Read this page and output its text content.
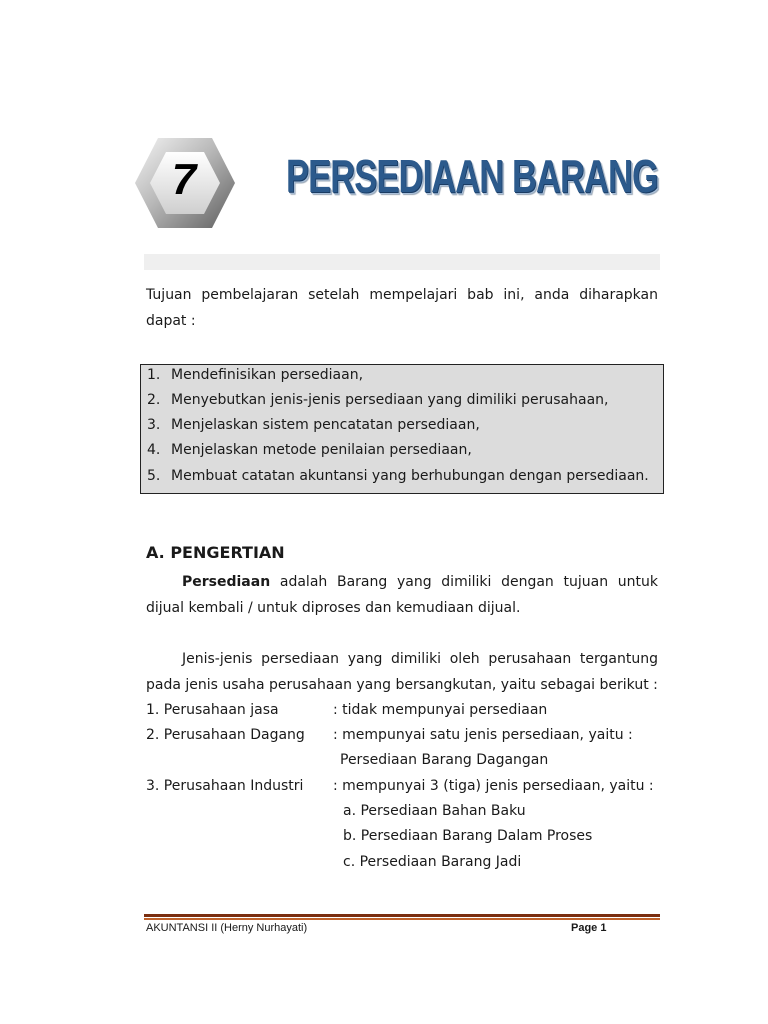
7	PERSEDIAAN BARANG
Tujuan pembelajaran setelah mempelajari bab ini, anda diharapkan dapat :
1. Mendefinisikan persediaan,
2. Menyebutkan jenis-jenis persediaan yang dimiliki perusahaan,
3. Menjelaskan sistem pencatatan persediaan,
4. Menjelaskan metode penilaian persediaan,
5. Membuat catatan akuntansi yang berhubungan dengan persediaan.
A. PENGERTIAN
Persediaan adalah Barang yang dimiliki dengan tujuan untuk dijual kembali / untuk diproses dan kemudiaan dijual.
Jenis-jenis persediaan yang dimiliki oleh perusahaan tergantung pada jenis usaha perusahaan yang bersangkutan, yaitu sebagai berikut :
1. Perusahaan jasa	: tidak mempunyai persediaan
2. Perusahaan Dagang : mempunyai satu jenis persediaan, yaitu :
Persediaan Barang Dagangan
3. Perusahaan Industri : mempunyai 3 (tiga) jenis persediaan, yaitu :
a. Persediaan Bahan Baku
b. Persediaan Barang Dalam Proses
c. Persediaan Barang Jadi
AKUNTANSI II (Herny Nurhayati)	Page 1
